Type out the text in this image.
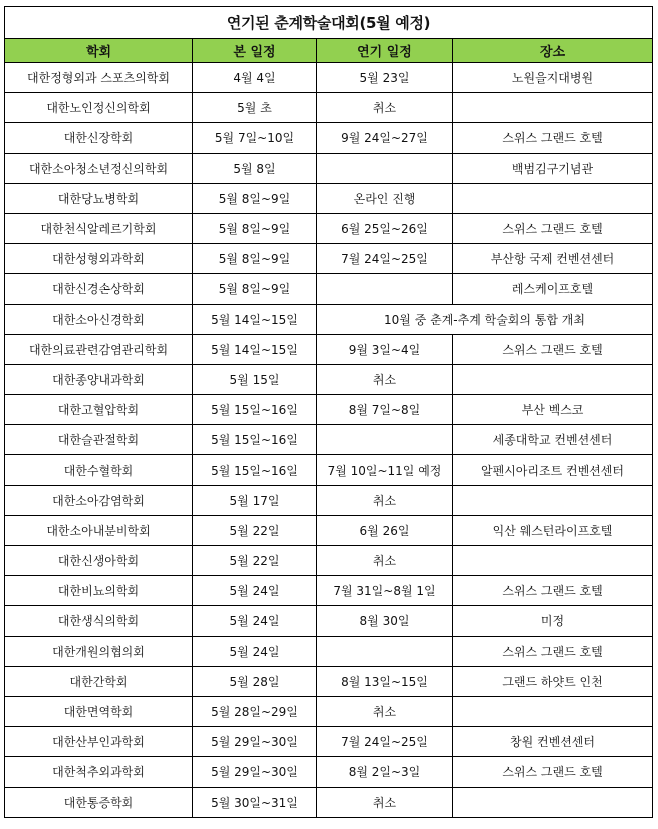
연기된 춘계학술대회(5월 예정)			
학회	본 일정	연기 일정	장소
대한정형외과 스포츠의학회	4월 4일	5월 23일	노원을지대병원
대한노인정신의학회	5월 초	취소	
대한신장학회	5월 7일~10일	9월 24일~27일	스위스 그랜드 호텔
대한소아청소년정신의학회	5월 8일		백범김구기념관
대한당뇨병학회	5월 8일~9일	온라인 진행	
대한천식알레르기학회	5월 8일~9일	6월 25일~26일	스위스 그랜드 호텔
대한성형외과학회	5월 8일~9일	7월 24일~25일	부산항 국제 컨벤션센터
대한신경손상학회	5월 8일~9일		레스케이프호텔
대한소아신경학회	5월 14일~15일	10월 중 춘계-추계 학술회의 통합 개최	
대한의료관련감염관리학회	5월 14일~15일	9월 3일~4일	스위스 그랜드 호텔
대한종양내과학회	5월 15일	취소	
대한고혈압학회	5월 15일~16일	8월 7일~8일	부산 벡스코
대한슬관절학회	5월 15일~16일		세종대학교 컨벤션센터
대한수혈학회	5월 15일~16일	7월 10일~11일 예정	알펜시아리조트 컨벤션센터
대한소아감염학회	5월 17일	취소	
대한소아내분비학회	5월 22일	6월 26일	익산 웨스턴라이프호텔
대한신생아학회	5월 22일	취소	
대한비뇨의학회	5월 24일	7월 31일~8월 1일	스위스 그랜드 호텔
대한생식의학회	5월 24일	8월 30일	미정
대한개원의협의회	5월 24일		스위스 그랜드 호텔
대한간학회	5월 28일	8월 13일~15일	그랜드 하얏트 인천
대한면역학회	5월 28일~29일	취소	
대한산부인과학회	5월 29일~30일	7월 24일~25일	창원 컨벤션센터
대한척추외과학회	5월 29일~30일	8월 2일~3일	스위스 그랜드 호텔
대한통증학회	5월 30일~31일	취소	
